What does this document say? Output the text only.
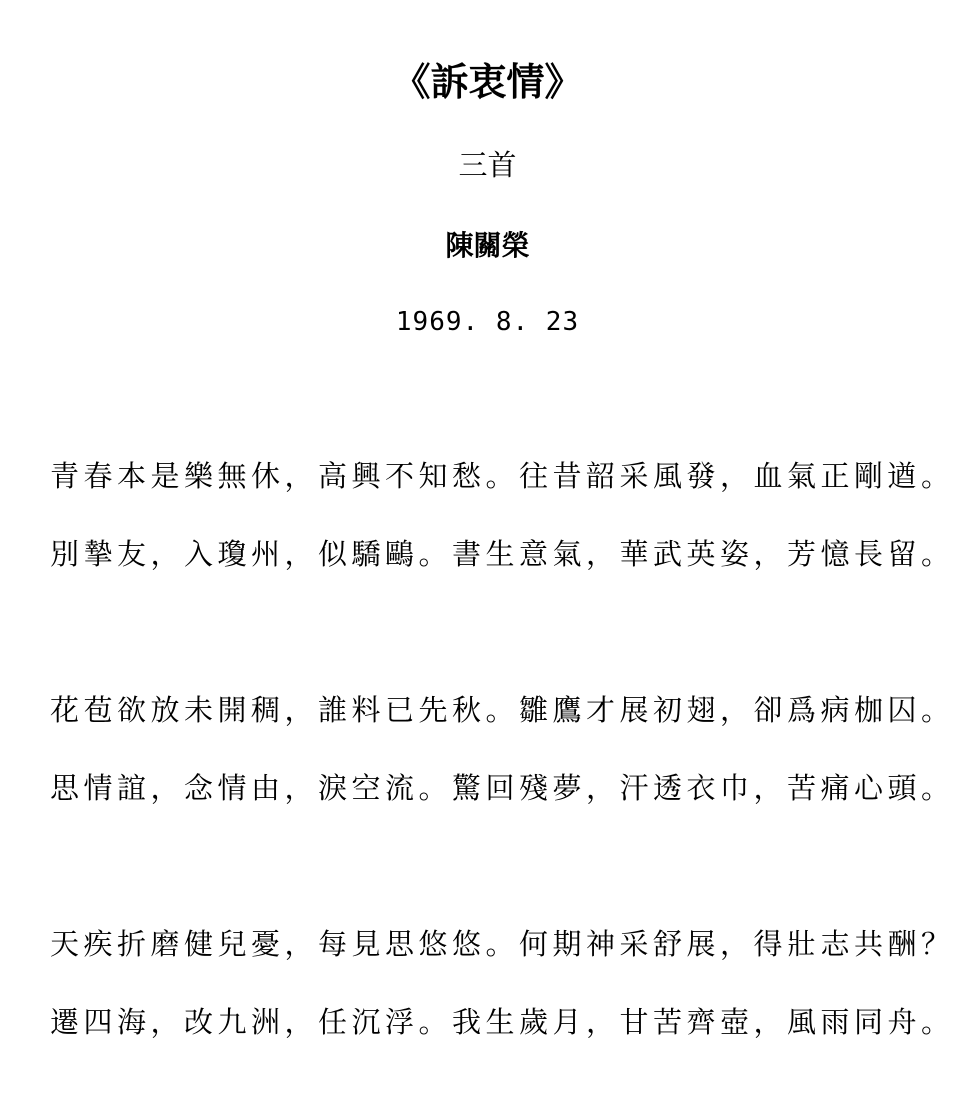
《訴衷情》
三首
陳關榮
1969. 8. 23
青春本是樂無休，高興不知愁。往昔韶采風發，血氣正剛遒。
別摯友，入瓊州，似驕鷗。書生意氣，華武英姿，芳憶長留。
花苞欲放未開稠，誰料已先秋。雛鷹才展初翅，卻爲病枷囚。
思情誼，念情由，淚空流。驚回殘夢，汗透衣巾，苦痛心頭。
天疾折磨健兒憂，每見思悠悠。何期神采舒展，得壯志共酬？
遷四海，改九洲，任沉浮。我生歲月，甘苦齊壺，風雨同舟。
